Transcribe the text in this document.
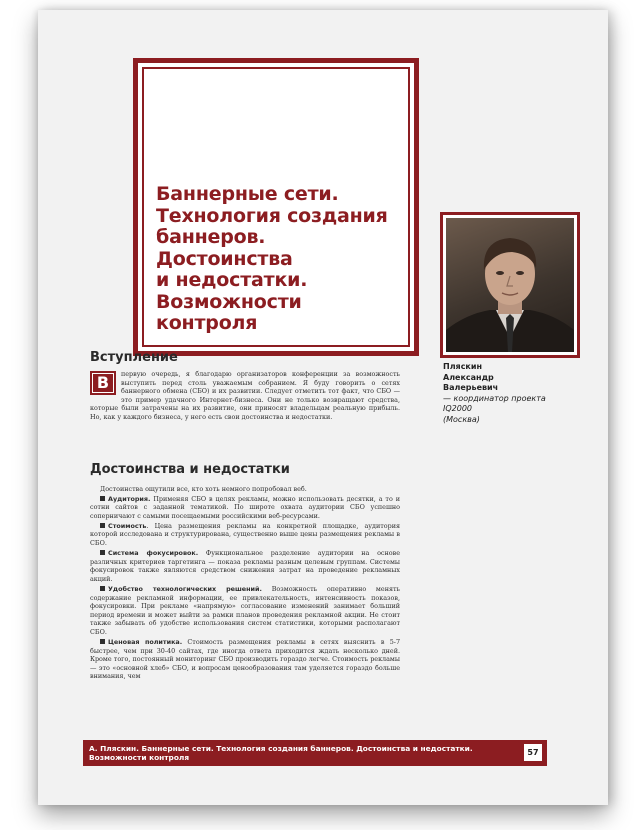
Баннерные сети.
Технология создания
баннеров.
Достоинства
и недостатки.
Возможности
контроля
Пляскин
Александр
Валерьевич
— координатор проекта
IQ2000
(Москва)
Вступление
В	первую очередь, я благодарю организаторов конференции за возможность выступить перед столь уважаемым собранием. Я буду говорить о сетях баннерного обмена (СБО) и их развитии. Следует отметить тот факт, что СБО — это пример удачного Интернет-бизнеса. Они не только возвращают средства, которые были затрачены на их развитие, они приносят владельцам реальную прибыль. Но, как у каждого бизнеса, у него есть свои достоинства и недостатки.

Достоинства и недостатки

Достоинства ощутили все, кто хоть немного попробовал веб.

Аудитория. Применяя СБО в целях рекламы, можно использовать десятки, а то и сотни сайтов с заданной тематикой. По широте охвата аудитории СБО успешно соперничают с самыми посещаемыми российскими веб-ресурсами.

Стоимость. Цена размещения рекламы на конкретной площадке, аудитория которой исследована и структурирована, существенно выше цены размещения рекламы в СБО.

Система фокусировок. Функциональное разделение аудитории на основе различных критериев таргетинга — показа рекламы разным целевым группам. Системы фокусировок также являются средством снижения затрат на проведение рекламных акций.

Удобство технологических решений. Возможность оперативно менять содержание рекламной информации, ее привлекательность, интенсивность показов, фокусировки. При рекламе «напрямую» согласование изменений занимает больший период времени и может выйти за рамки планов проведения рекламной акции. Не стоит также забывать об удобстве использования систем статистики, которыми располагают СБО.

Ценовая политика. Стоимость размещения рекламы в сетях выяснить в 5-7 быстрее, чем при 30-40 сайтах, где иногда ответа приходится ждать несколько дней. Кроме того, постоянный мониторинг СБО производить гораздо легче. Стоимость рекламы — это «основной хлеб» СБО, и вопросам ценообразования там уделяется гораздо больше внимания, чем

А. Пляскин. Баннерные сети. Технология создания баннеров. Достоинства и недостатки. Возможности контроля
57
